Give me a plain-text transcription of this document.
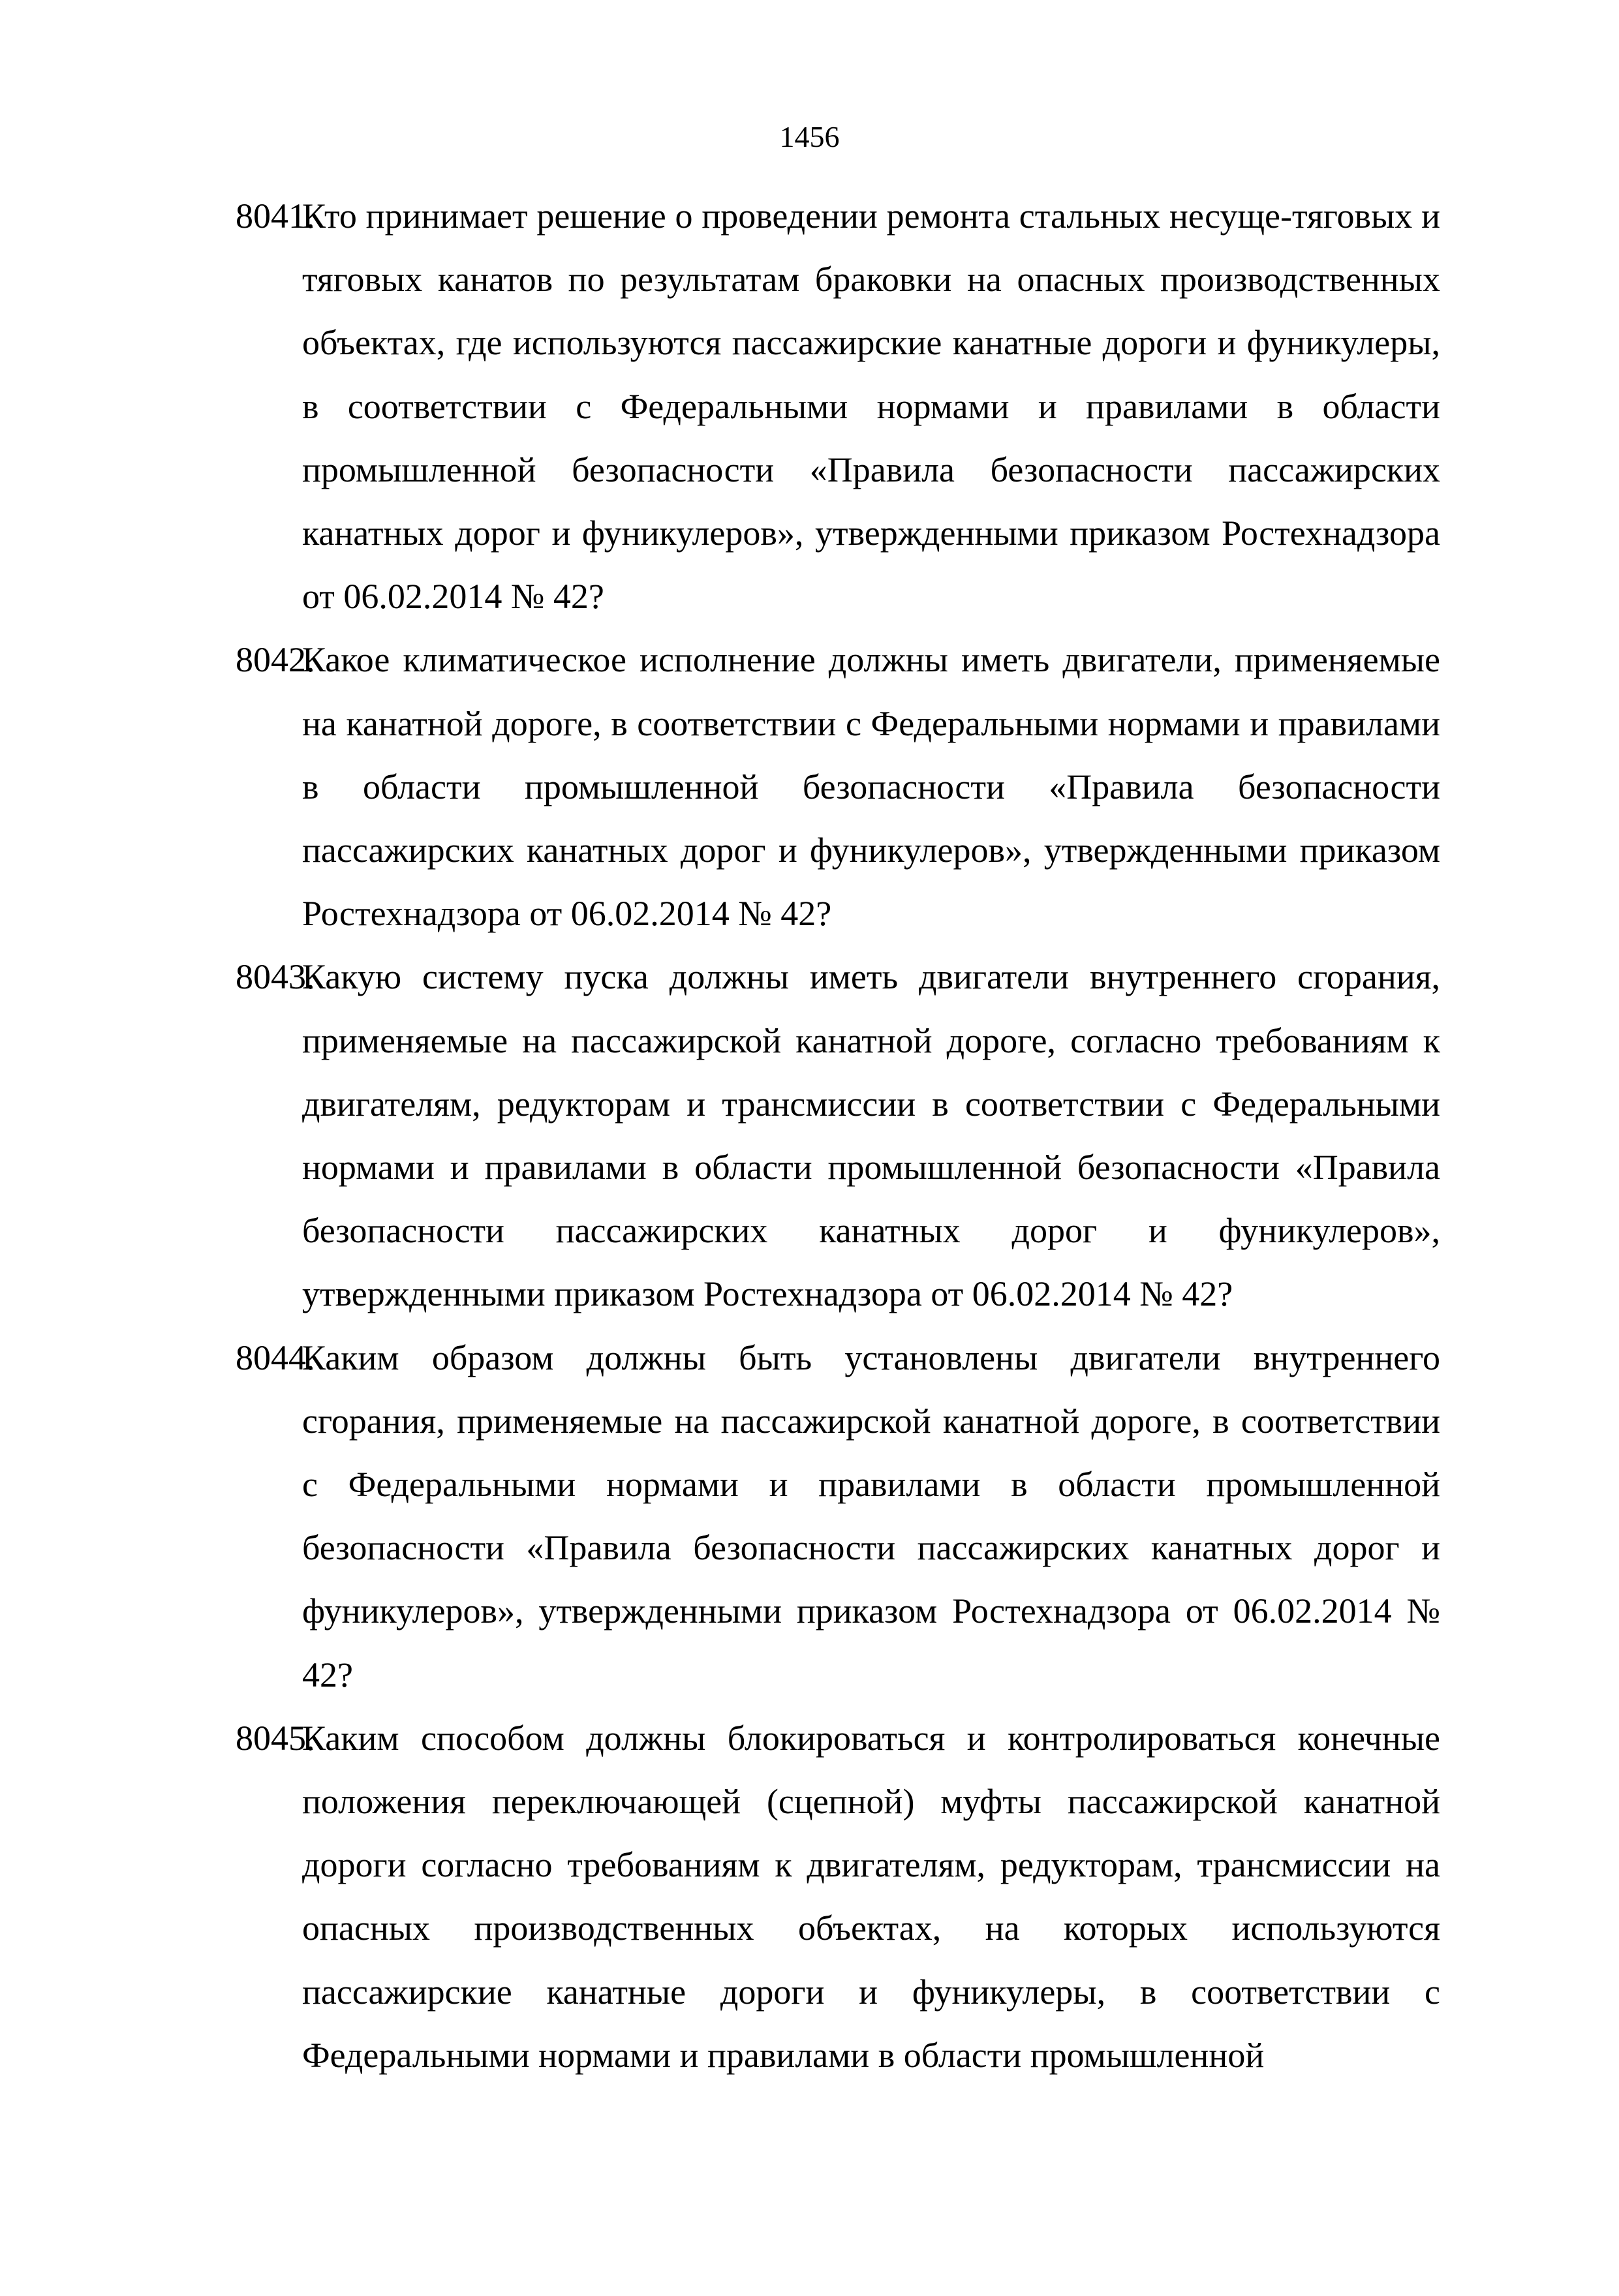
1456
8041 .
Кто принимает решение о проведении ремонта стальных несуще-тяговых и тяговых канатов по результатам браковки на опасных производственных объектах, где используются пассажирские канатные дороги и фуникулеры, в соответствии с Федеральными нормами и правилами в области промышленной безопасности «Правила безопасности пассажирских канатных дорог и фуникулеров», утвержденными приказом Ростехнадзора от 06.02.2014 № 42?
8042 .
Какое климатическое исполнение должны иметь двигатели, применяемые на канатной дороге, в соответствии с Федеральными нормами и правилами в области промышленной безопасности «Правила безопасности пассажирских канатных дорог и фуникулеров», утвержденными приказом Ростехнадзора от 06.02.2014 № 42?
8043 .
Какую систему пуска должны иметь двигатели внутреннего сгорания, применяемые на пассажирской канатной дороге, согласно требованиям к двигателям, редукторам и трансмиссии в соответствии с Федеральными нормами и правилами в области промышленной безопасности «Правила безопасности пассажирских канатных дорог и фуникулеров», утвержденными приказом Ростехнадзора от 06.02.2014 № 42?
8044 .
Каким образом должны быть установлены двигатели внутреннего сгорания, применяемые на пассажирской канатной дороге, в соответствии с Федеральными нормами и правилами в области промышленной безопасности «Правила безопасности пассажирских канатных дорог и фуникулеров», утвержденными приказом Ростехнадзора от 06.02.2014 № 42?
8045 .
Каким способом должны блокироваться и контролироваться конечные положения переключающей (сцепной) муфты пассажирской канатной дороги согласно требованиям к двигателям, редукторам, трансмиссии на опасных производственных объектах, на которых используются пассажирские канатные дороги и фуникулеры, в соответствии с Федеральными нормами и правилами в области промышленной
